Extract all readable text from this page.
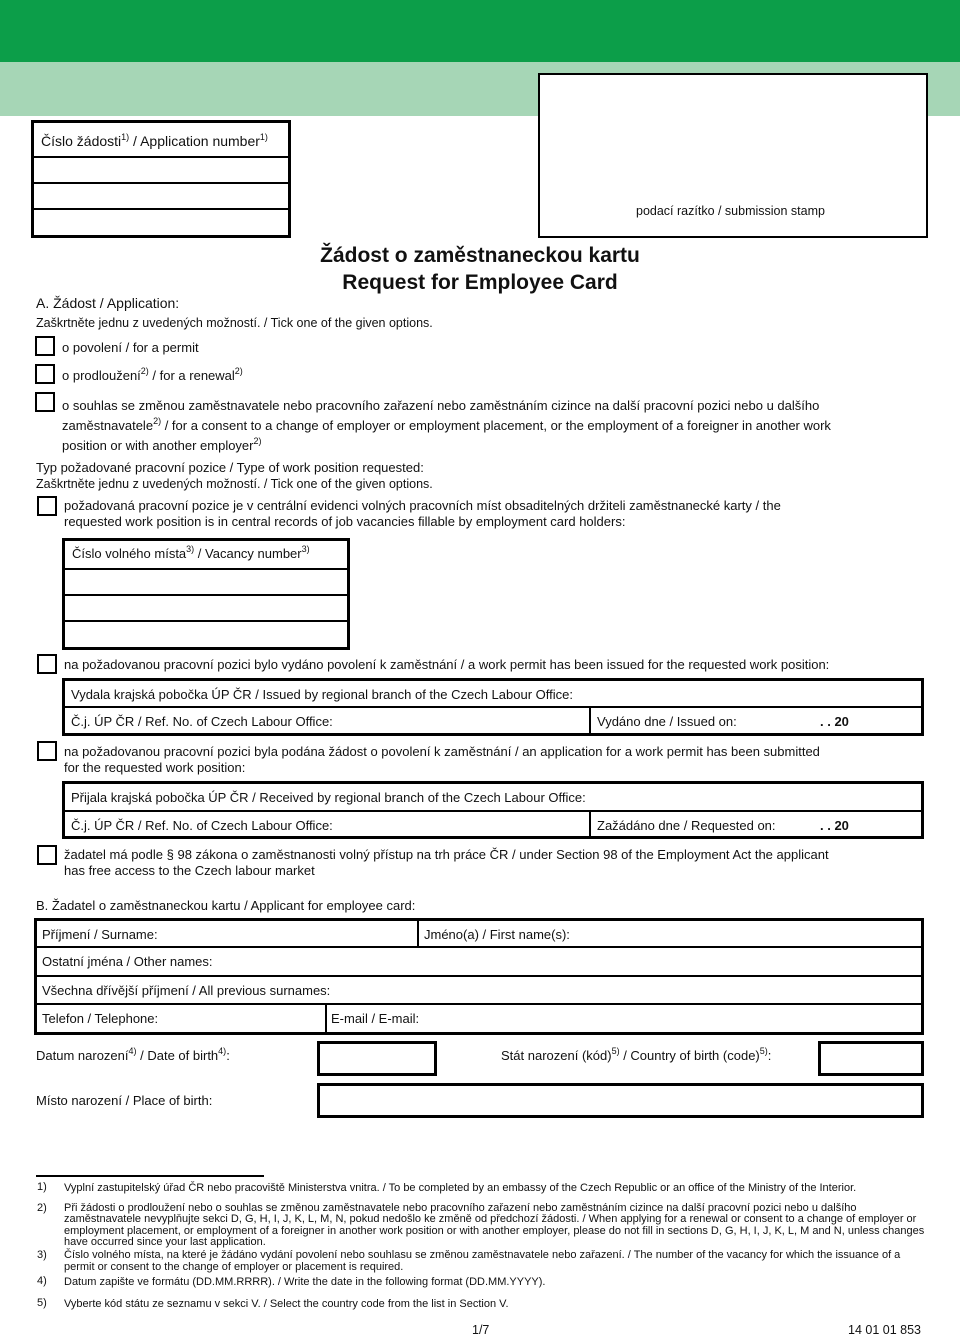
podací razítko / submission stamp
Číslo žádosti$^{1)}$ / Application number$^{1)}$
Žádost o zaměstnaneckou kartu
Request for Employee Card
A. Žádost / Application:
Zaškrtněte jednu z uvedených možností. / Tick one of the given options.
o povolení / for a permit
o prodloužení$^{2)}$ / for a renewal$^{2)}$
o souhlas se změnou zaměstnavatele nebo pracovního zařazení nebo zaměstnáním cizince na další pracovní pozici nebo u dalšího
zaměstnavatele$^{2)}$ / for a consent to a change of employer or employment placement, or the employment of a foreigner in another work
position or with another employer$^{2)}$
Typ požadované pracovní pozice / Type of work position requested:
Zaškrtněte jednu z uvedených možností. / Tick one of the given options.
požadovaná pracovní pozice je v centrální evidenci volných pracovních míst obsaditelných držiteli zaměstnanecké karty / the
requested work position is in central records of job vacancies fillable by employment card holders:
Číslo volného místa$^{3)}$ / Vacancy number$^{3)}$
na požadovanou pracovní pozici bylo vydáno povolení k zaměstnání / a work permit has been issued for the requested work position:
Vydala krajská pobočka ÚP ČR / Issued by regional branch of the Czech Labour Office:
Č.j. ÚP ČR / Ref. No. of Czech Labour Office:	Vydáno dne / Issued on:	. . 20
na požadovanou pracovní pozici byla podána žádost o povolení k zaměstnání / an application for a work permit has been submitted
for the requested work position:
Přijala krajská pobočka ÚP ČR / Received by regional branch of the Czech Labour Office:
Č.j. ÚP ČR / Ref. No. of Czech Labour Office:	Zažádáno dne / Requested on:	. . 20
žadatel má podle § 98 zákona o zaměstnanosti volný přístup na trh práce ČR / under Section 98 of the Employment Act the applicant
has free access to the Czech labour market
B. Žadatel o zaměstnaneckou kartu / Applicant for employee card:
Příjmení / Surname:	Jméno(a) / First name(s):
Ostatní jména / Other names:
Všechna dřívější příjmení / All previous surnames:
Telefon / Telephone:	E-mail / E-mail:
Datum narození$^{4)}$ / Date of birth$^{4)}$:	Stát narození (kód)$^{5)}$ / Country of birth (code)$^{5)}$:
Místo narození / Place of birth:
1) Vyplní zastupitelský úřad ČR nebo pracoviště Ministerstva vnitra. / To be completed by an embassy of the Czech Republic or an office of the Ministry of the Interior.
2) Při žádosti o prodloužení nebo o souhlas se změnou zaměstnavatele nebo pracovního zařazení nebo zaměstnáním cizince na další pracovní pozici nebo u dalšího zaměstnavatele nevyplňujte sekci D, G, H, I, J, K, L, M, N, pokud nedošlo ke změně od předchozí žádosti. / When applying for a renewal or consent to a change of employer or employment placement, or employment of a foreigner in another work position or with another employer, please do not fill in sections D, G, H, I, J, K, L, M and N, unless changes have occurred since your last application.
3) Číslo volného místa, na které je žádáno vydání povolení nebo souhlasu se změnou zaměstnavatele nebo zařazení. / The number of the vacancy for which the issuance of a permit or consent to the change of employer or placement is required.
4) Datum zapište ve formátu (DD.MM.RRRR). / Write the date in the following format (DD.MM.YYYY).
5) Vyberte kód státu ze seznamu v sekci V. / Select the country code from the list in Section V.
1/7	14 01 01 853
